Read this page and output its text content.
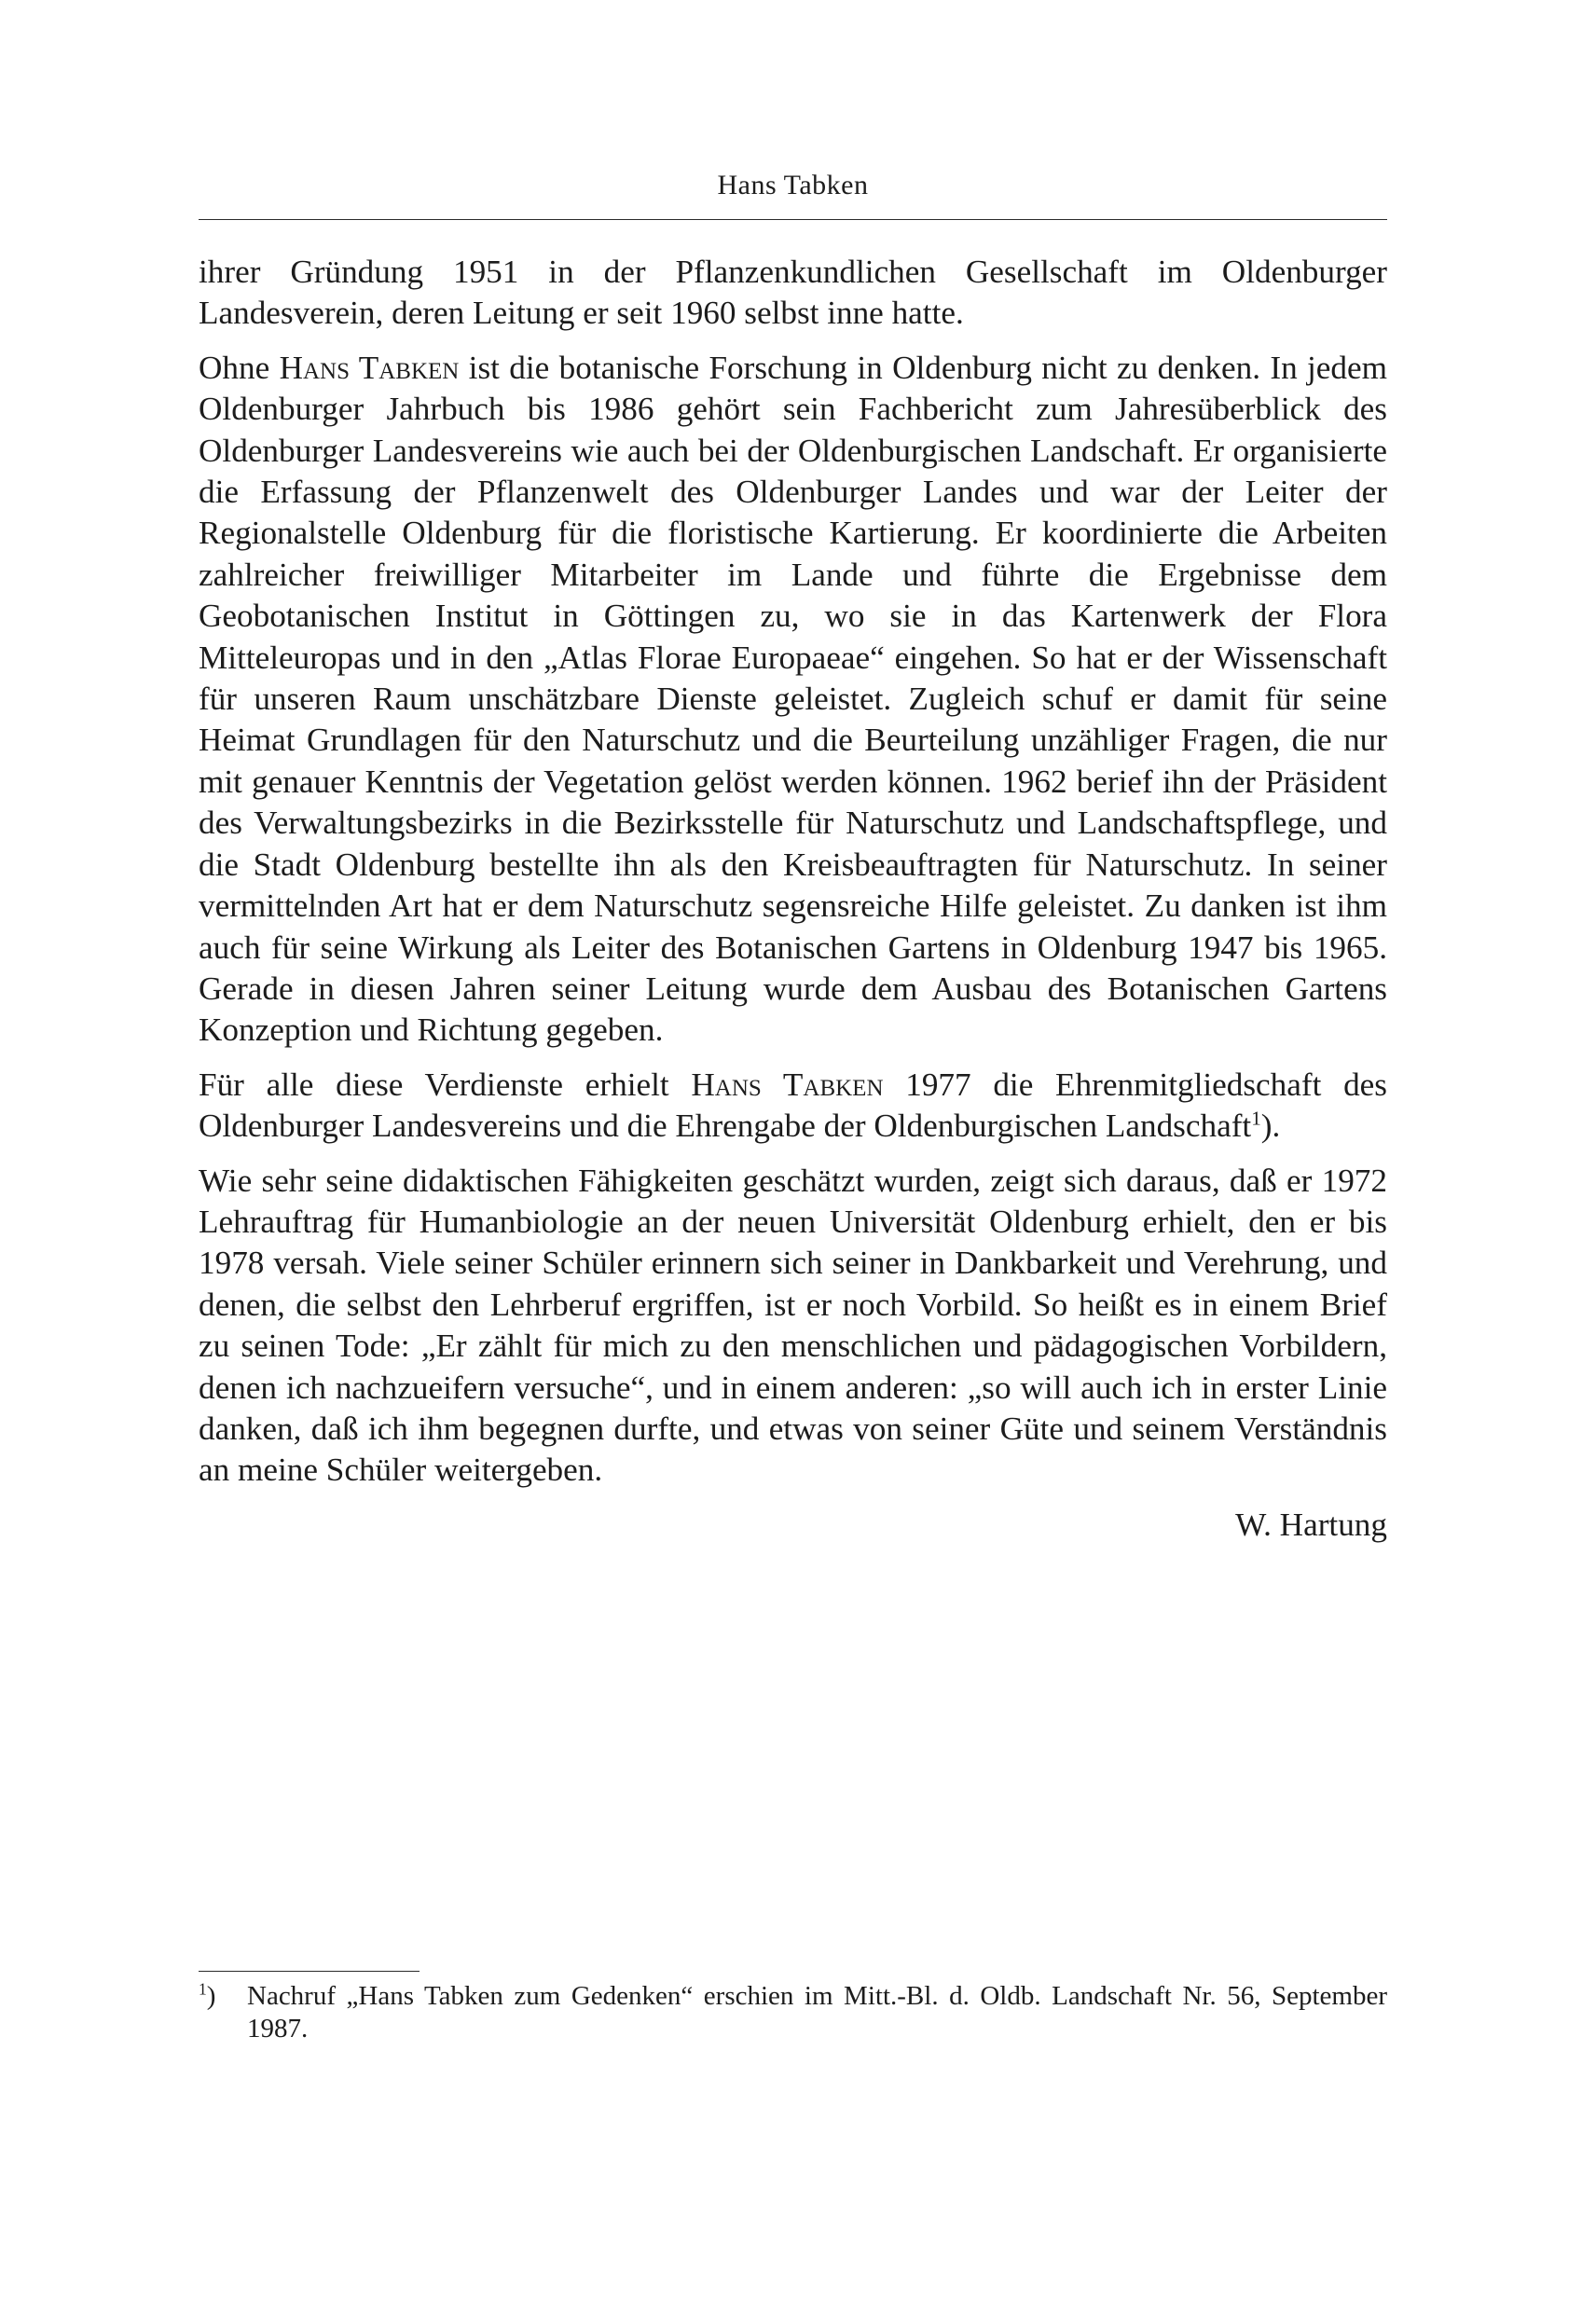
Hans Tabken

ihrer Gründung 1951 in der Pflanzenkundlichen Gesellschaft im Oldenburger Landesverein, deren Leitung er seit 1960 selbst inne hatte.

Ohne Hans Tabken ist die botanische Forschung in Oldenburg nicht zu denken. In jedem Oldenburger Jahrbuch bis 1986 gehört sein Fachbericht zum Jahresüberblick des Oldenburger Landesvereins wie auch bei der Oldenburgischen Landschaft. Er organisierte die Erfassung der Pflanzenwelt des Oldenburger Landes und war der Leiter der Regionalstelle Oldenburg für die floristische Kartierung. Er koordinierte die Arbeiten zahlreicher freiwilliger Mitarbeiter im Lande und führte die Ergebnisse dem Geobotanischen Institut in Göttingen zu, wo sie in das Kartenwerk der Flora Mitteleuropas und in den „Atlas Florae Europaeae“ eingehen. So hat er der Wissenschaft für unseren Raum unschätzbare Dienste geleistet. Zugleich schuf er damit für seine Heimat Grundlagen für den Naturschutz und die Beurteilung unzähliger Fragen, die nur mit genauer Kenntnis der Vegetation gelöst werden können. 1962 berief ihn der Präsident des Verwaltungsbezirks in die Bezirksstelle für Naturschutz und Landschaftspflege, und die Stadt Oldenburg bestellte ihn als den Kreisbeauftragten für Naturschutz. In seiner vermittelnden Art hat er dem Naturschutz segensreiche Hilfe geleistet. Zu danken ist ihm auch für seine Wirkung als Leiter des Botanischen Gartens in Oldenburg 1947 bis 1965. Gerade in diesen Jahren seiner Leitung wurde dem Ausbau des Botanischen Gartens Konzeption und Richtung gegeben.

Für alle diese Verdienste erhielt Hans Tabken 1977 die Ehrenmitgliedschaft des Oldenburger Landesvereins und die Ehrengabe der Oldenburgischen Landschaft$^1$).

Wie sehr seine didaktischen Fähigkeiten geschätzt wurden, zeigt sich daraus, daß er 1972 Lehrauftrag für Humanbiologie an der neuen Universität Oldenburg erhielt, den er bis 1978 versah. Viele seiner Schüler erinnern sich seiner in Dankbarkeit und Verehrung, und denen, die selbst den Lehrberuf ergriffen, ist er noch Vorbild. So heißt es in einem Brief zu seinen Tode: „Er zählt für mich zu den menschlichen und pädagogischen Vorbildern, denen ich nachzueifern versuche“, und in einem anderen: „so will auch ich in erster Linie danken, daß ich ihm begegnen durfte, und etwas von seiner Güte und seinem Verständnis an meine Schüler weitergeben.

W. Hartung

$^1$)	Nachruf „Hans Tabken zum Gedenken“ erschien im Mitt.-Bl. d. Oldb. Landschaft Nr. 56, September 1987.
